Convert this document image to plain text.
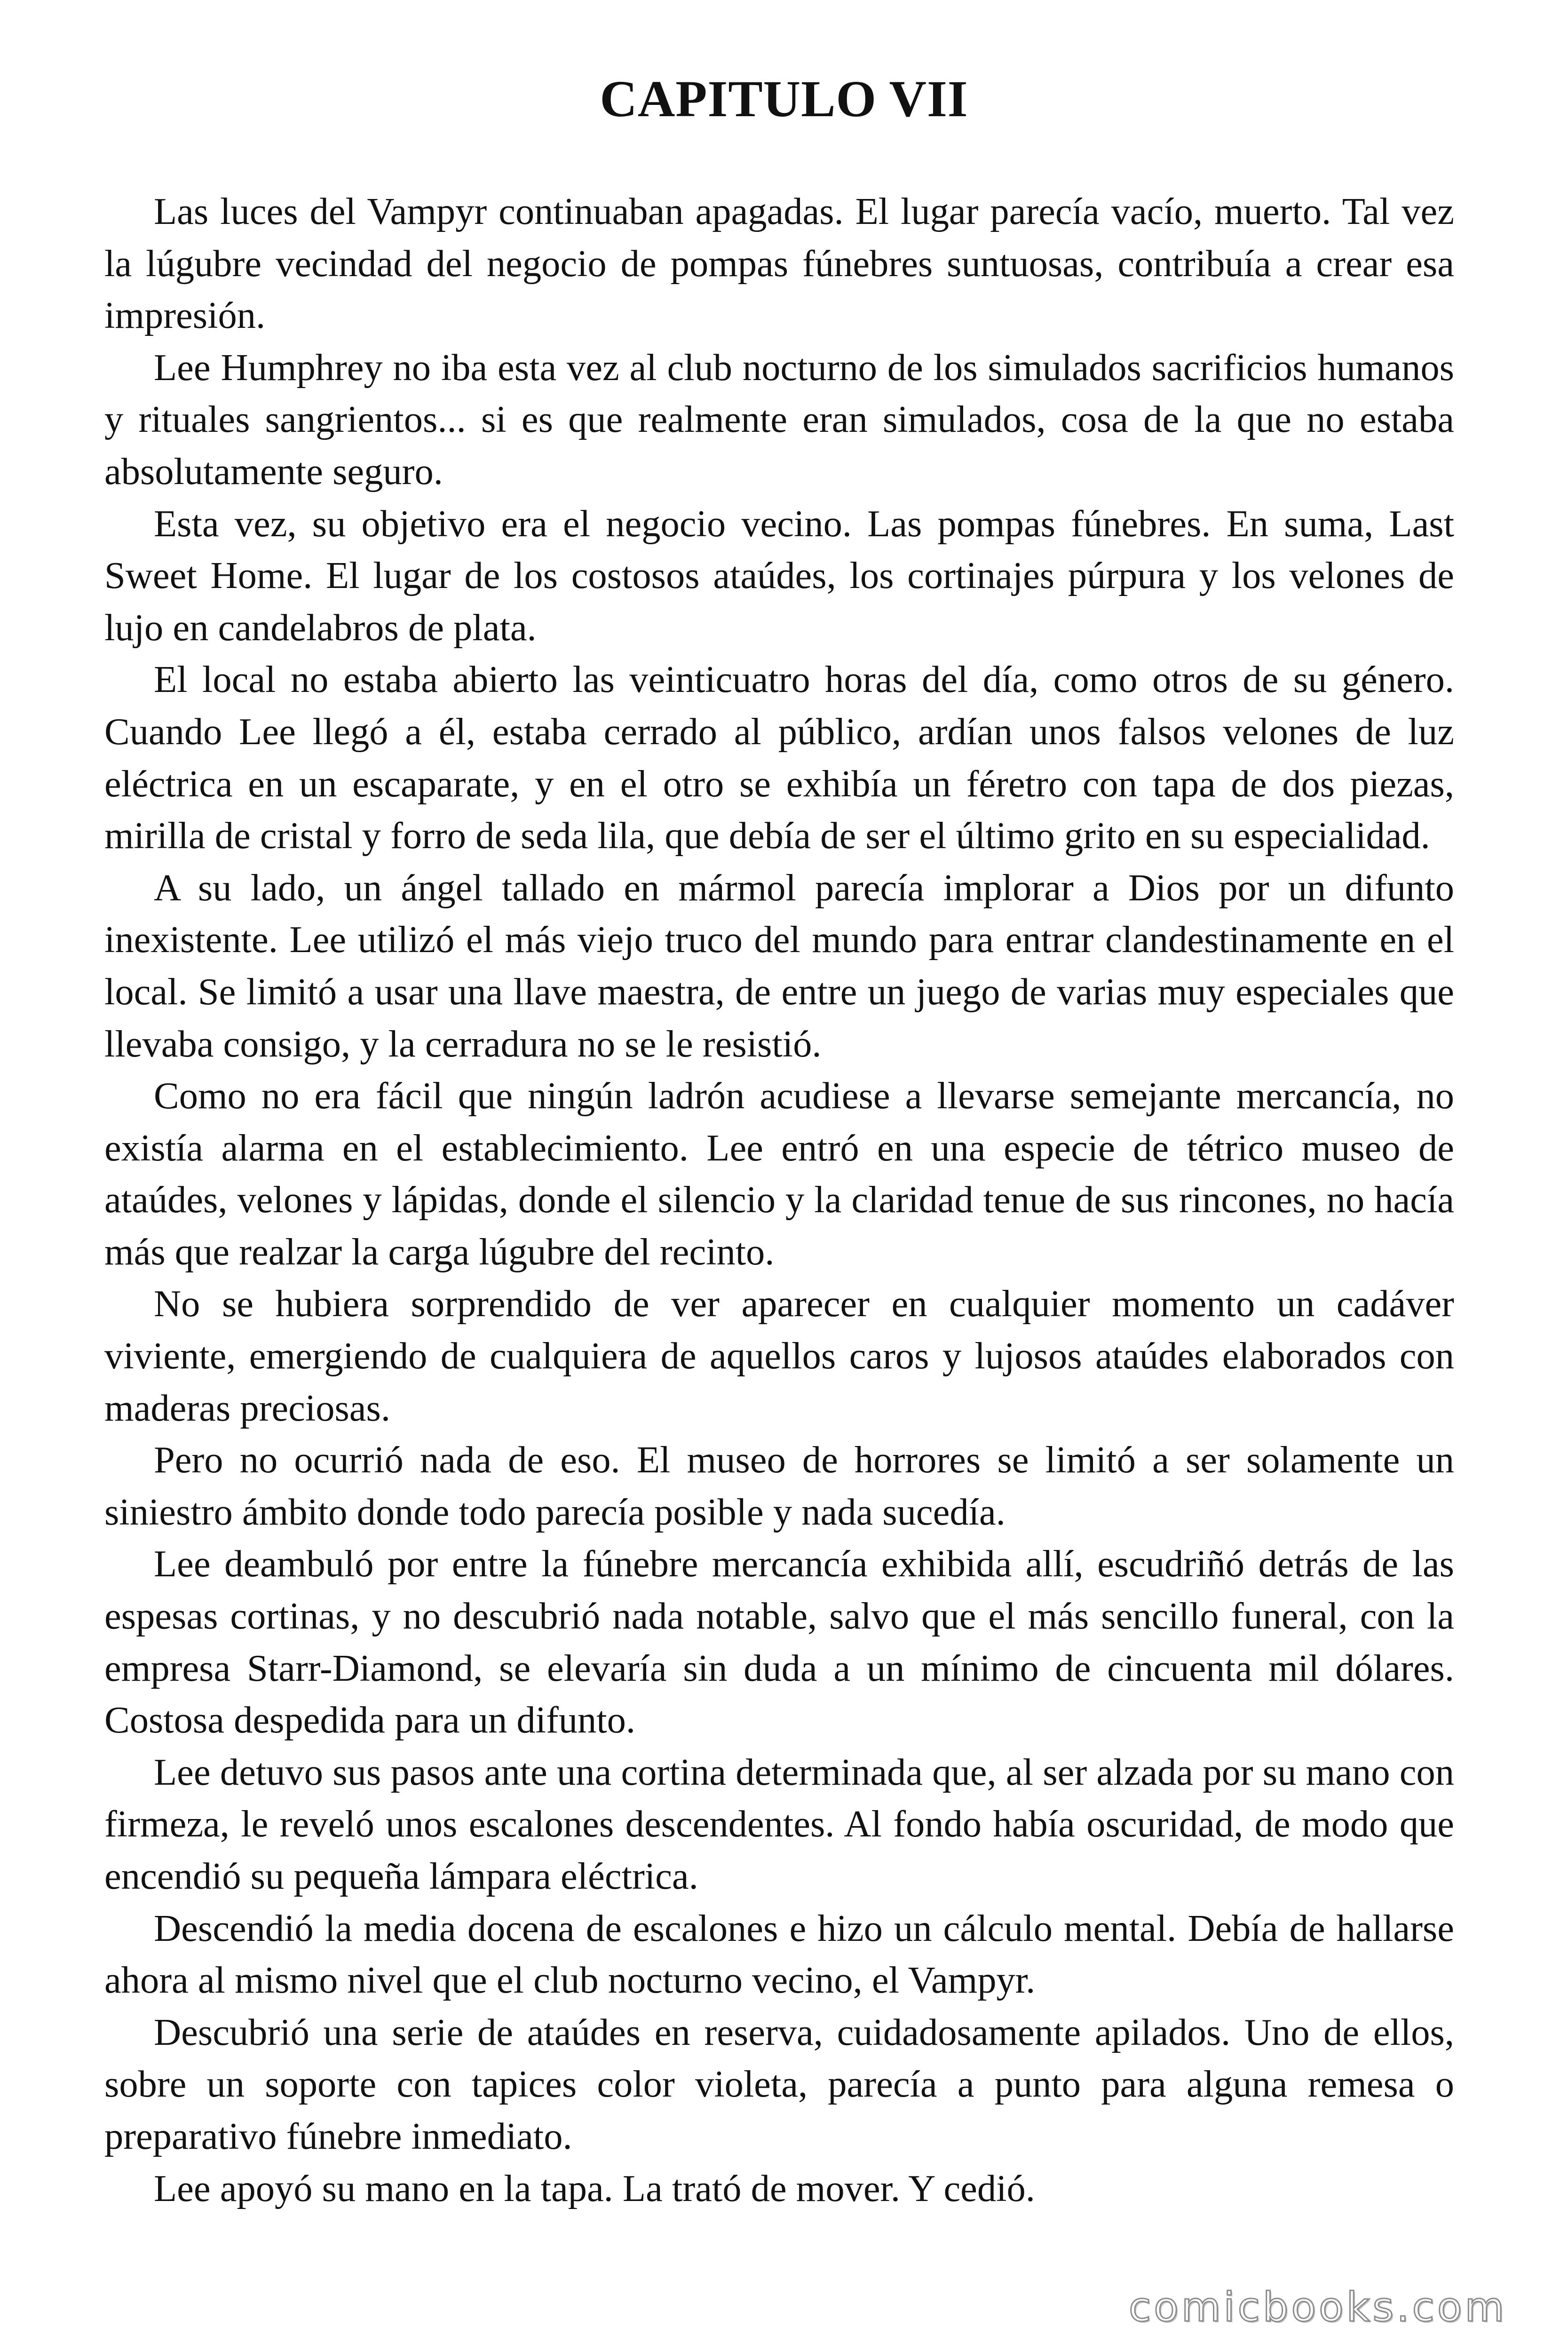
CAPITULO VII

Las luces del Vampyr continuaban apagadas. El lugar parecía vacío, muerto. Tal vez la lúgubre vecindad del negocio de pompas fúnebres suntuosas, contribuía a crear esa impresión.

Lee Humphrey no iba esta vez al club nocturno de los simulados sacrificios humanos y rituales sangrientos... si es que realmente eran simulados, cosa de la que no estaba absolutamente seguro.

Esta vez, su objetivo era el negocio vecino. Las pompas fúnebres. En suma, Last Sweet Home. El lugar de los costosos ataúdes, los cortinajes púrpura y los velones de lujo en candelabros de plata.

El local no estaba abierto las veinticuatro horas del día, como otros de su género. Cuando Lee llegó a él, estaba cerrado al público, ardían unos falsos velones de luz eléctrica en un escaparate, y en el otro se exhibía un féretro con tapa de dos piezas, mirilla de cristal y forro de seda lila, que debía de ser el último grito en su especialidad.

A su lado, un ángel tallado en mármol parecía implorar a Dios por un difunto inexistente. Lee utilizó el más viejo truco del mundo para entrar clandestinamente en el local. Se limitó a usar una llave maestra, de entre un juego de varias muy especiales que llevaba consigo, y la cerradura no se le resistió.

Como no era fácil que ningún ladrón acudiese a llevarse semejante mercancía, no existía alarma en el establecimiento. Lee entró en una especie de tétrico museo de ataúdes, velones y lápidas, donde el silencio y la claridad tenue de sus rincones, no hacía más que realzar la carga lúgubre del recinto.

No se hubiera sorprendido de ver aparecer en cualquier momento un cadáver viviente, emergiendo de cualquiera de aquellos caros y lujosos ataúdes elaborados con maderas preciosas.

Pero no ocurrió nada de eso. El museo de horrores se limitó a ser solamente un siniestro ámbito donde todo parecía posible y nada sucedía.

Lee deambuló por entre la fúnebre mercancía exhibida allí, escudriñó detrás de las espesas cortinas, y no descubrió nada notable, salvo que el más sencillo funeral, con la empresa Starr-Diamond, se elevaría sin duda a un mínimo de cincuenta mil dólares. Costosa despedida para un difunto.

Lee detuvo sus pasos ante una cortina determinada que, al ser alzada por su mano con firmeza, le reveló unos escalones descendentes. Al fondo había oscuridad, de modo que encendió su pequeña lámpara eléctrica.

Descendió la media docena de escalones e hizo un cálculo mental. Debía de hallarse ahora al mismo nivel que el club nocturno vecino, el Vampyr.

Descubrió una serie de ataúdes en reserva, cuidadosamente apilados. Uno de ellos, sobre un soporte con tapices color violeta, parecía a punto para alguna remesa o preparativo fúnebre inmediato.

Lee apoyó su mano en la tapa. La trató de mover. Y cedió.

comicbooks.com
